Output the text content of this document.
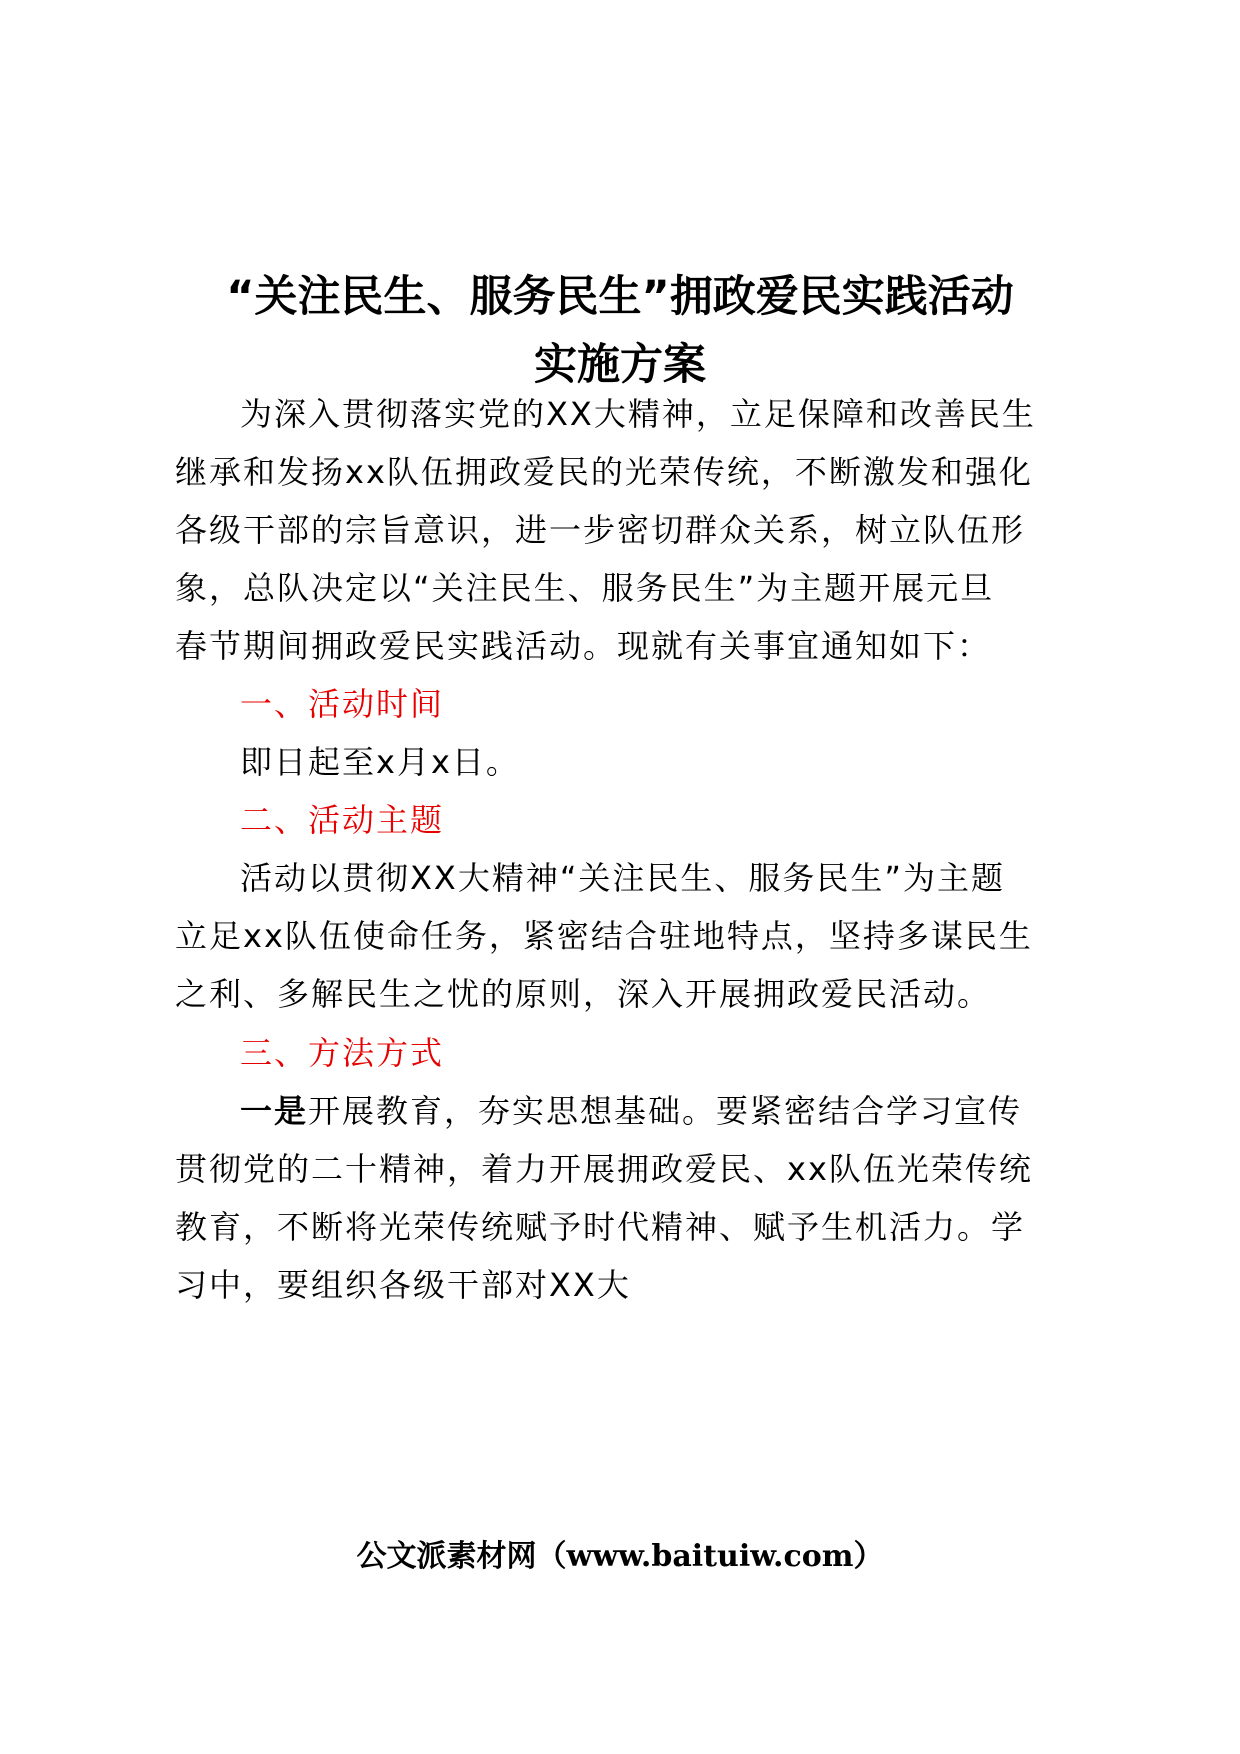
“关注民生、服务民生”拥政爱民实践活动
实施方案
为深入贯彻落实党的XX大精神，立足保障和改善民生
继承和发扬xx队伍拥政爱民的光荣传统，不断激发和强化
各级干部的宗旨意识，进一步密切群众关系，树立队伍形
象，总队决定以“关注民生、服务民生”为主题开展元旦
春节期间拥政爱民实践活动。现就有关事宜通知如下：
一、活动时间
即日起至x月x日。
二、活动主题
活动以贯彻XX大精神“关注民生、服务民生”为主题
立足xx队伍使命任务，紧密结合驻地特点，坚持多谋民生
之利、多解民生之忧的原则，深入开展拥政爱民活动。
三、方法方式
一是开展教育，夯实思想基础。要紧密结合学习宣传
贯彻党的二十精神，着力开展拥政爱民、xx队伍光荣传统
教育，不断将光荣传统赋予时代精神、赋予生机活力。学
习中，要组织各级干部对XX大
公文派素材网（www.baituiw.com）
